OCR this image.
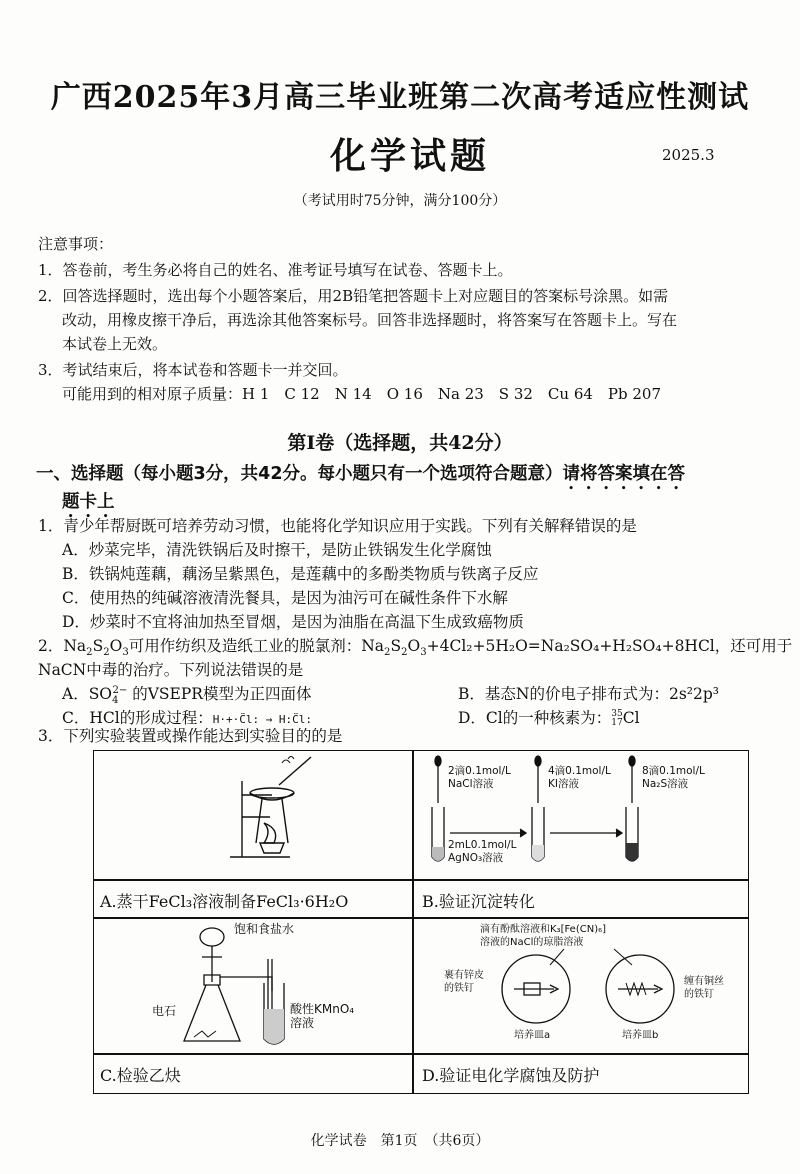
广西2025年3月高三毕业班第二次高考适应性测试
化学试题	2025.3
（考试用时75分钟，满分100分）
注意事项：
1．答卷前，考生务必将自己的姓名、准考证号填写在试卷、答题卡上。
2．回答选择题时，选出每个小题答案后，用2B铅笔把答题卡上对应题目的答案标号涂黑。如需
改动，用橡皮擦干净后，再选涂其他答案标号。回答非选择题时，将答案写在答题卡上。写在
本试卷上无效。
3．考试结束后，将本试卷和答题卡一并交回。
可能用到的相对原子质量：H 1　C 12　N 14　O 16　Na 23　S 32　Cu 64　Pb 207
第Ⅰ卷（选择题，共42分）
一、选择题（每小题3分，共42分。每小题只有一个选项符合题意）请将答案填在答
题卡上
1．青少年帮厨既可培养劳动习惯，也能将化学知识应用于实践。下列有关解释错误的是
A．炒菜完毕，清洗铁锅后及时擦干，是防止铁锅发生化学腐蚀
B．铁锅炖莲藕，藕汤呈紫黑色，是莲藕中的多酚类物质与铁离子反应
C．使用热的纯碱溶液清洗餐具，是因为油污可在碱性条件下水解
D．炒菜时不宜将油加热至冒烟，是因为油脂在高温下生成致癌物质
2．$Na_2S_2O_3$可用作纺织及造纸工业的脱氯剂：$Na_2S_2O_3+4Cl_2+5H_2O=Na_2SO_4+H_2SO_4+8HCl$，还可用于
NaCN中毒的治疗。下列说法错误的是
A．$SO_4^{2-}$ 的VSEPR模型为正四面体	B．基态N的价电子排布式为：2s²2p³
C．HCl的形成过程：H·+·C̈l: → H:C̈l:	D．Cl的一种核素为：35
17Cl
3．下列实验装置或操作能达到实验目的的是
2滴0.1mol/L
NaCl溶液
4滴0.1mol/L
KI溶液
8滴0.1mol/L
Na₂S溶液
2mL0.1mol/L
AgNO₃溶液
A.蒸干FeCl₃溶液制备FeCl₃·6H₂O	B.验证沉淀转化
饱和食盐水
电石	酸性KMnO₄
溶液
滴有酚酞溶液和K₃[Fe(CN)₆]
溶液的NaCl的琼脂溶液
裹有锌皮
的铁钉
缠有铜丝
的铁钉
培养皿a	培养皿b
C.检验乙炔	D.验证电化学腐蚀及防护
化学试卷　第1页　（共6页）
